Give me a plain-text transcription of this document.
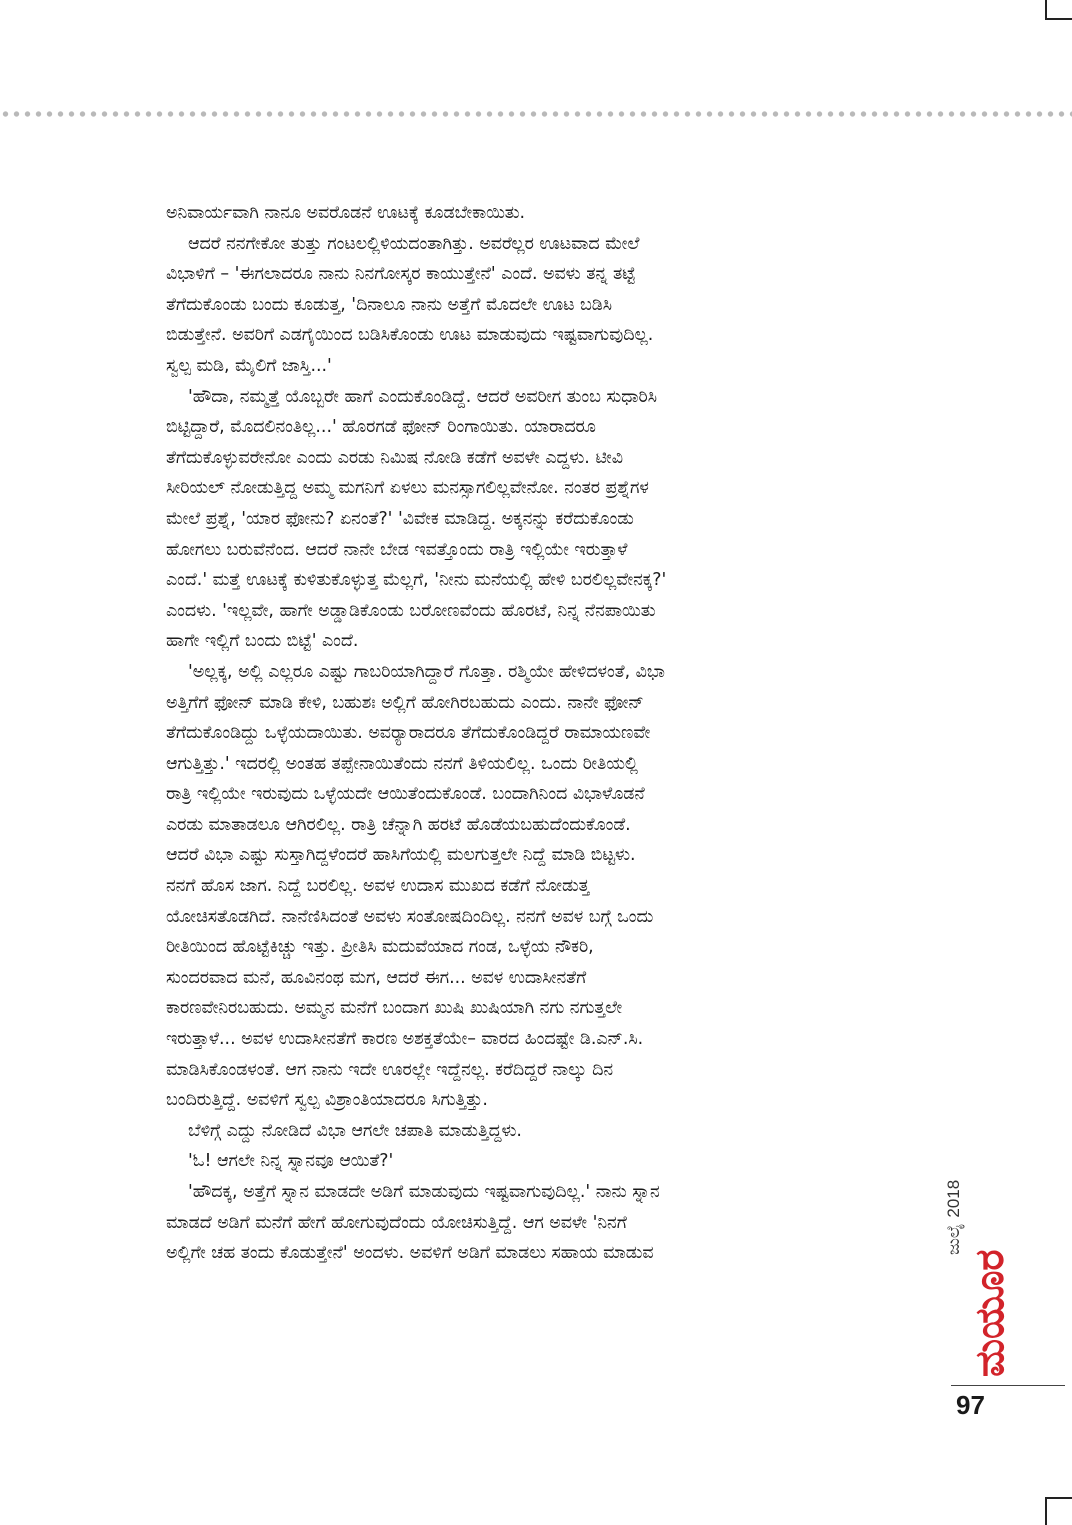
ಅನಿವಾರ್ಯವಾಗಿ ನಾನೂ ಅವರೊಡನೆ ಊಟಕ್ಕೆ ಕೂಡಬೇಕಾಯಿತು.

ಆದರೆ ನನಗೇಕೋ ತುತ್ತು ಗಂಟಲಲ್ಲಿಳಿಯದಂತಾಗಿತ್ತು. ಅವರೆಲ್ಲರ ಊಟವಾದ ಮೇಲೆ
ವಿಭಾಳಿಗೆ – 'ಈಗಲಾದರೂ ನಾನು ನಿನಗೋಸ್ಕರ ಕಾಯುತ್ತೇನೆ' ಎಂದೆ. ಅವಳು ತನ್ನ ತಟ್ಟೆ
ತೆಗೆದುಕೊಂಡು ಬಂದು ಕೂಡುತ್ತ, 'ದಿನಾಲೂ ನಾನು ಅತ್ತೆಗೆ ಮೊದಲೇ ಊಟ ಬಡಿಸಿ
ಬಿಡುತ್ತೇನೆ. ಅವರಿಗೆ ಎಡಗೈಯಿಂದ ಬಡಿಸಿಕೊಂಡು ಊಟ ಮಾಡುವುದು ಇಷ್ಟವಾಗುವುದಿಲ್ಲ.
ಸ್ವಲ್ಪ ಮಡಿ, ಮೈಲಿಗೆ ಜಾಸ್ತಿ...'

'ಹೌದಾ, ನಮ್ಮತ್ತೆ ಯೊಬ್ಬರೇ ಹಾಗೆ ಎಂದುಕೊಂಡಿದ್ದೆ. ಆದರೆ ಅವರೀಗ ತುಂಬ ಸುಧಾರಿಸಿ
ಬಿಟ್ಟಿದ್ದಾರೆ, ಮೊದಲಿನಂತಿಲ್ಲ...' ಹೊರಗಡೆ ಫೋನ್ ರಿಂಗಾಯಿತು. ಯಾರಾದರೂ
ತೆಗೆದುಕೊಳ್ಳುವರೇನೋ ಎಂದು ಎರಡು ನಿಮಿಷ ನೋಡಿ ಕಡೆಗೆ ಅವಳೇ ಎದ್ದಳು. ಟೀವಿ
ಸೀರಿಯಲ್ ನೋಡುತ್ತಿದ್ದ ಅಮ್ಮ ಮಗನಿಗೆ ಏಳಲು ಮನಸ್ಸಾಗಲಿಲ್ಲವೇನೋ. ನಂತರ ಪ್ರಶ್ನೆಗಳ
ಮೇಲೆ ಪ್ರಶ್ನೆ, 'ಯಾರ ಫೋನು? ಏನಂತೆ?' 'ವಿವೇಕ ಮಾಡಿದ್ದ. ಅಕ್ಕನನ್ನು ಕರೆದುಕೊಂಡು
ಹೋಗಲು ಬರುವೆನೆಂದ. ಆದರೆ ನಾನೇ ಬೇಡ ಇವತ್ತೊಂದು ರಾತ್ರಿ ಇಲ್ಲಿಯೇ ಇರುತ್ತಾಳೆ
ಎಂದೆ.' ಮತ್ತೆ ಊಟಕ್ಕೆ ಕುಳಿತುಕೊಳ್ಳುತ್ತ ಮೆಲ್ಲಗೆ, 'ನೀನು ಮನೆಯಲ್ಲಿ ಹೇಳಿ ಬರಲಿಲ್ಲವೇನಕ್ಕ?'
ಎಂದಳು. 'ಇಲ್ಲವೇ, ಹಾಗೇ ಅಡ್ಡಾಡಿಕೊಂಡು ಬರೋಣವೆಂದು ಹೊರಟೆ, ನಿನ್ನ ನೆನಪಾಯಿತು
ಹಾಗೇ ಇಲ್ಲಿಗೆ ಬಂದು ಬಿಟ್ಟೆ' ಎಂದೆ.

'ಅಲ್ಲಕ್ಕ, ಅಲ್ಲಿ ಎಲ್ಲರೂ ಎಷ್ಟು ಗಾಬರಿಯಾಗಿದ್ದಾರೆ ಗೊತ್ತಾ. ರಶ್ಮಿಯೇ ಹೇಳಿದಳಂತೆ, ವಿಭಾ
ಅತ್ತಿಗೆಗೆ ಫೋನ್ ಮಾಡಿ ಕೇಳಿ, ಬಹುಶಃ ಅಲ್ಲಿಗೆ ಹೋಗಿರಬಹುದು ಎಂದು. ನಾನೇ ಫೋನ್
ತೆಗೆದುಕೊಂಡಿದ್ದು ಒಳ್ಳೆಯದಾಯಿತು. ಅವರ್‍ಯಾರಾದರೂ ತೆಗೆದುಕೊಂಡಿದ್ದರೆ ರಾಮಾಯಣವೇ
ಆಗುತ್ತಿತ್ತು.' ಇದರಲ್ಲಿ ಅಂತಹ ತಪ್ಪೇನಾಯಿತೆಂದು ನನಗೆ ತಿಳಿಯಲಿಲ್ಲ. ಒಂದು ರೀತಿಯಲ್ಲಿ
ರಾತ್ರಿ ಇಲ್ಲಿಯೇ ಇರುವುದು ಒಳ್ಳೆಯದೇ ಆಯಿತೆಂದುಕೊಂಡೆ. ಬಂದಾಗಿನಿಂದ ವಿಭಾಳೊಡನೆ
ಎರಡು ಮಾತಾಡಲೂ ಆಗಿರಲಿಲ್ಲ. ರಾತ್ರಿ ಚೆನ್ನಾಗಿ ಹರಟೆ ಹೊಡೆಯಬಹುದೆಂದುಕೊಂಡೆ.
ಆದರೆ ವಿಭಾ ಎಷ್ಟು ಸುಸ್ತಾಗಿದ್ದಳೆಂದರೆ ಹಾಸಿಗೆಯಲ್ಲಿ ಮಲಗುತ್ತಲೇ ನಿದ್ದೆ ಮಾಡಿ ಬಿಟ್ಟಳು.
ನನಗೆ ಹೊಸ ಜಾಗ. ನಿದ್ದೆ ಬರಲಿಲ್ಲ. ಅವಳ ಉದಾಸ ಮುಖದ ಕಡೆಗೆ ನೋಡುತ್ತ
ಯೋಚಿಸತೊಡಗಿದೆ. ನಾನೆಣಿಸಿದಂತೆ ಅವಳು ಸಂತೋಷದಿಂದಿಲ್ಲ. ನನಗೆ ಅವಳ ಬಗ್ಗೆ ಒಂದು
ರೀತಿಯಿಂದ ಹೊಟ್ಟೆಕಿಚ್ಚು ಇತ್ತು. ಪ್ರೀತಿಸಿ ಮದುವೆಯಾದ ಗಂಡ, ಒಳ್ಳೆಯ ನೌಕರಿ,
ಸುಂದರವಾದ ಮನೆ, ಹೂವಿನಂಥ ಮಗ, ಆದರೆ ಈಗ... ಅವಳ ಉದಾಸೀನತೆಗೆ
ಕಾರಣವೇನಿರಬಹುದು. ಅಮ್ಮನ ಮನೆಗೆ ಬಂದಾಗ ಖುಷಿ ಖುಷಿಯಾಗಿ ನಗು ನಗುತ್ತಲೇ
ಇರುತ್ತಾಳೆ... ಅವಳ ಉದಾಸೀನತೆಗೆ ಕಾರಣ ಅಶಕ್ತತೆಯೇ– ವಾರದ ಹಿಂದಷ್ಟೇ ಡಿ.ಎನ್.ಸಿ.
ಮಾಡಿಸಿಕೊಂಡಳಂತೆ. ಆಗ ನಾನು ಇದೇ ಊರಲ್ಲೇ ಇದ್ದೆನಲ್ಲ. ಕರೆದಿದ್ದರೆ ನಾಲ್ಕು ದಿನ
ಬಂದಿರುತ್ತಿದ್ದೆ. ಅವಳಿಗೆ ಸ್ವಲ್ಪ ವಿಶ್ರಾಂತಿಯಾದರೂ ಸಿಗುತ್ತಿತ್ತು.

ಬೆಳಿಗ್ಗೆ ಎದ್ದು ನೋಡಿದೆ ವಿಭಾ ಆಗಲೇ ಚಪಾತಿ ಮಾಡುತ್ತಿದ್ದಳು.

'ಓ! ಆಗಲೇ ನಿನ್ನ ಸ್ನಾನವೂ ಆಯಿತೆ?'

'ಹೌದಕ್ಕ, ಅತ್ತೆಗೆ ಸ್ನಾನ ಮಾಡದೇ ಅಡಿಗೆ ಮಾಡುವುದು ಇಷ್ಟವಾಗುವುದಿಲ್ಲ.' ನಾನು ಸ್ನಾನ
ಮಾಡದೆ ಅಡಿಗೆ ಮನೆಗೆ ಹೇಗೆ ಹೋಗುವುದೆಂದು ಯೋಚಿಸುತ್ತಿದ್ದೆ. ಆಗ ಅವಳೇ 'ನಿನಗೆ
ಅಲ್ಲಿಗೇ ಚಹ ತಂದು ಕೊಡುತ್ತೇನೆ' ಅಂದಳು. ಅವಳಿಗೆ ಅಡಿಗೆ ಮಾಡಲು ಸಹಾಯ ಮಾಡುವ	ಜುಲೈ2018
ಮಯೂರ
97
